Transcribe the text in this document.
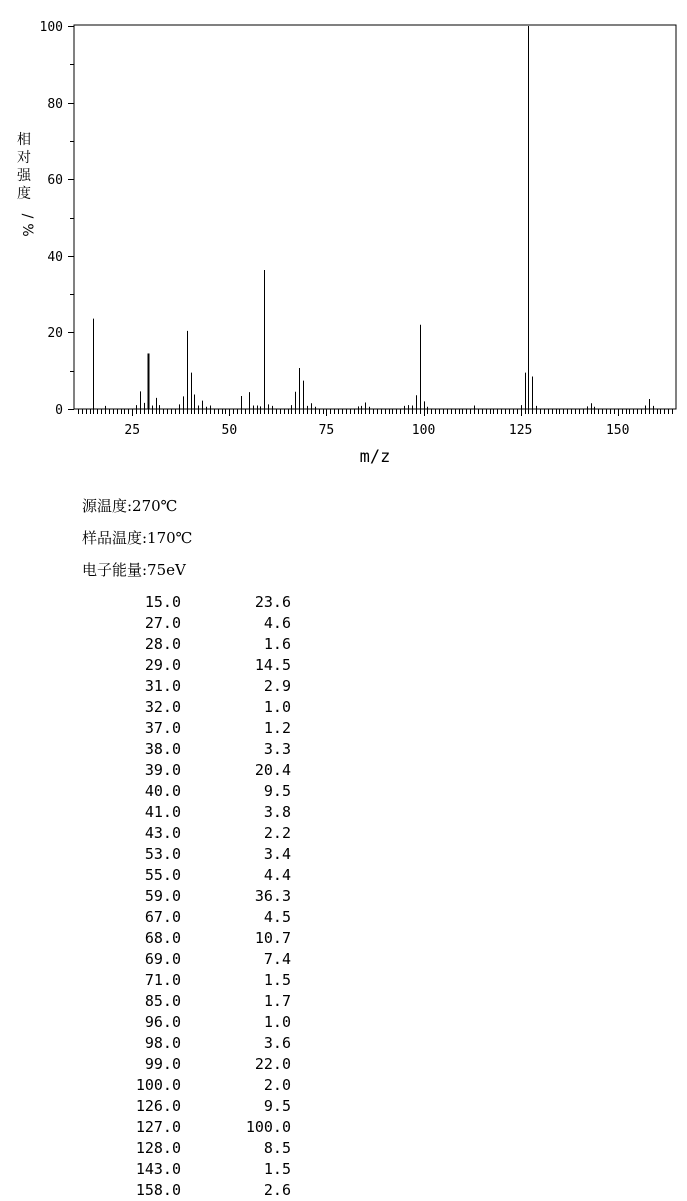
0
20
40
60
80
100
25	50	75	100	125	150
m/z
相
对
强
度
/
%
源温度:270℃
样品温度:170℃
电子能量:75eV
15.0	23.6
27.0	4.6
28.0	1.6
29.0	14.5
31.0	2.9
32.0	1.0
37.0	1.2
38.0	3.3
39.0	20.4
40.0	9.5
41.0	3.8
43.0	2.2
53.0	3.4
55.0	4.4
59.0	36.3
67.0	4.5
68.0	10.7
69.0	7.4
71.0	1.5
85.0	1.7
96.0	1.0
98.0	3.6
99.0	22.0
100.0	2.0
126.0	9.5
127.0	100.0
128.0	8.5
143.0	1.5
158.0	2.6
